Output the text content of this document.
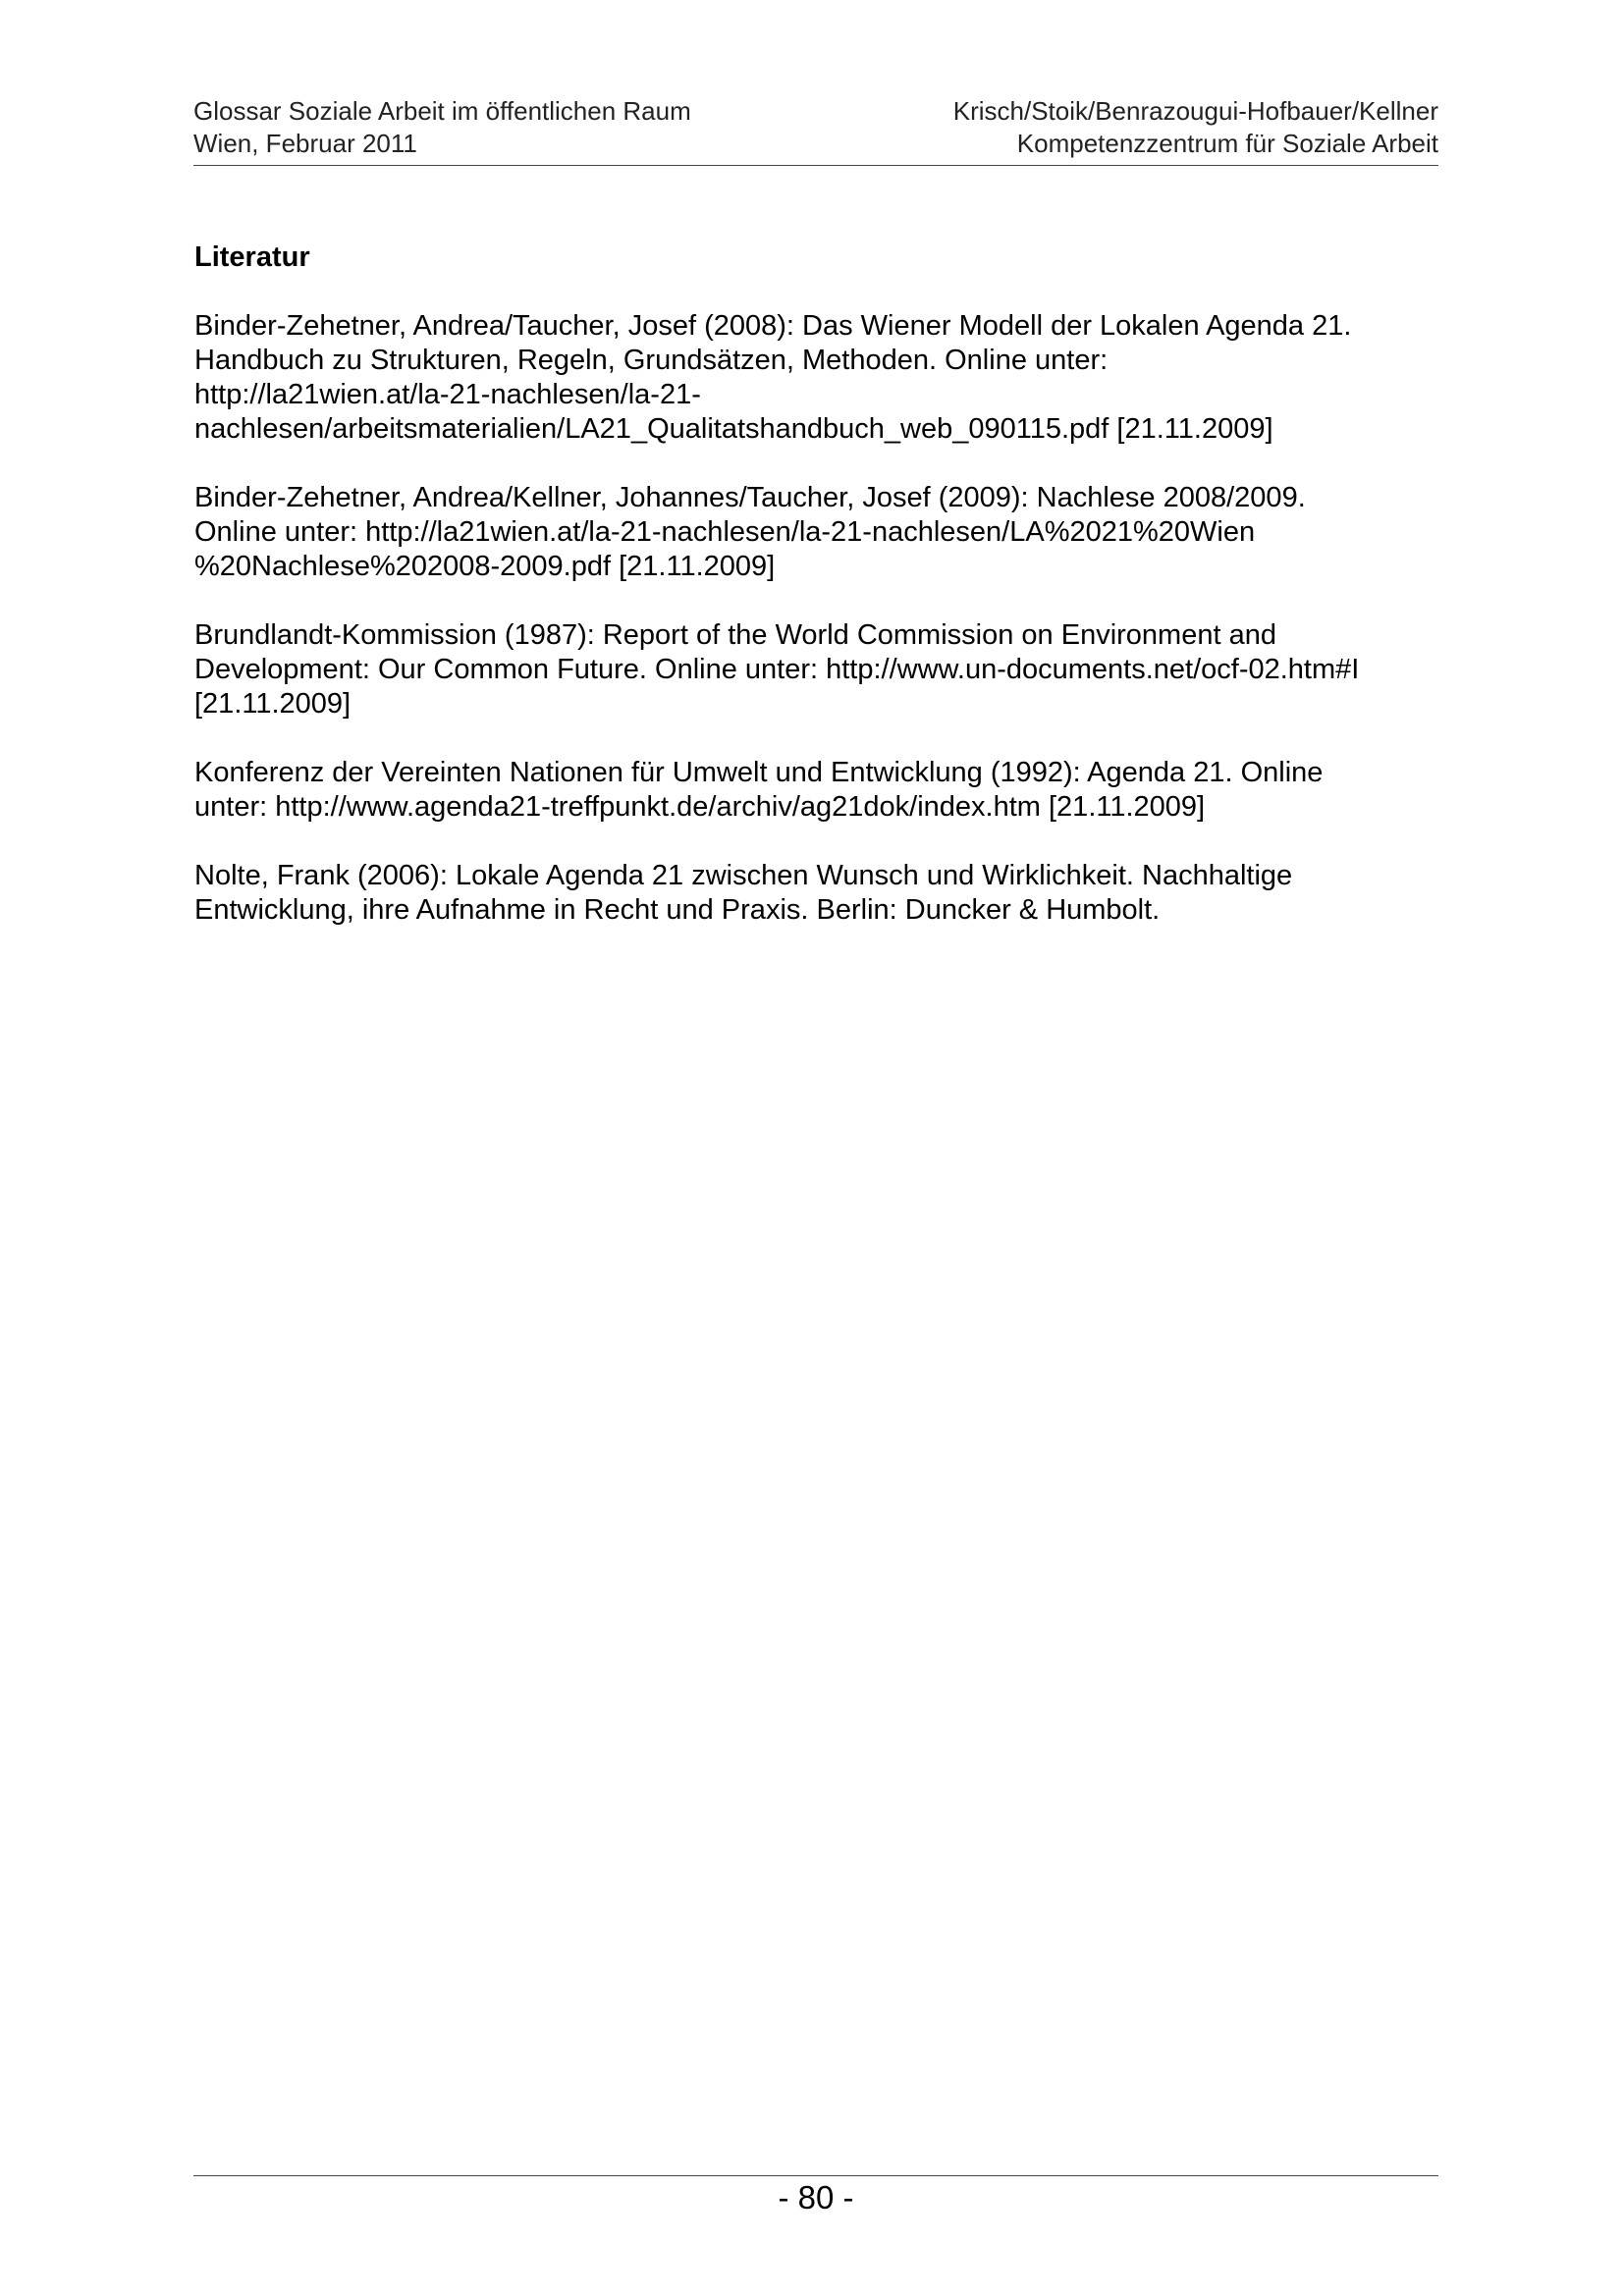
Glossar Soziale Arbeit im öffentlichen Raum
Wien, Februar 2011
Krisch/Stoik/Benrazougui-Hofbauer/Kellner
Kompetenzzentrum für Soziale Arbeit
Literatur
Binder-Zehetner, Andrea/Taucher, Josef (2008): Das Wiener Modell der Lokalen Agenda 21.
Handbuch zu Strukturen, Regeln, Grundsätzen, Methoden. Online unter:
http://la21wien.at/la-21-nachlesen/la-21-
nachlesen/arbeitsmaterialien/LA21_Qualitatshandbuch_web_090115.pdf [21.11.2009]
Binder-Zehetner, Andrea/Kellner, Johannes/Taucher, Josef (2009): Nachlese 2008/2009.
Online unter: http://la21wien.at/la-21-nachlesen/la-21-nachlesen/LA%2021%20Wien
%20Nachlese%202008-2009.pdf [21.11.2009]
Brundlandt-Kommission (1987): Report of the World Commission on Environment and
Development: Our Common Future. Online unter: http://www.un-documents.net/ocf-02.htm#I
[21.11.2009]
Konferenz der Vereinten Nationen für Umwelt und Entwicklung (1992): Agenda 21. Online
unter: http://www.agenda21-treffpunkt.de/archiv/ag21dok/index.htm [21.11.2009]
Nolte, Frank (2006): Lokale Agenda 21 zwischen Wunsch und Wirklichkeit. Nachhaltige
Entwicklung, ihre Aufnahme in Recht und Praxis. Berlin: Duncker & Humbolt.
- 80 -
